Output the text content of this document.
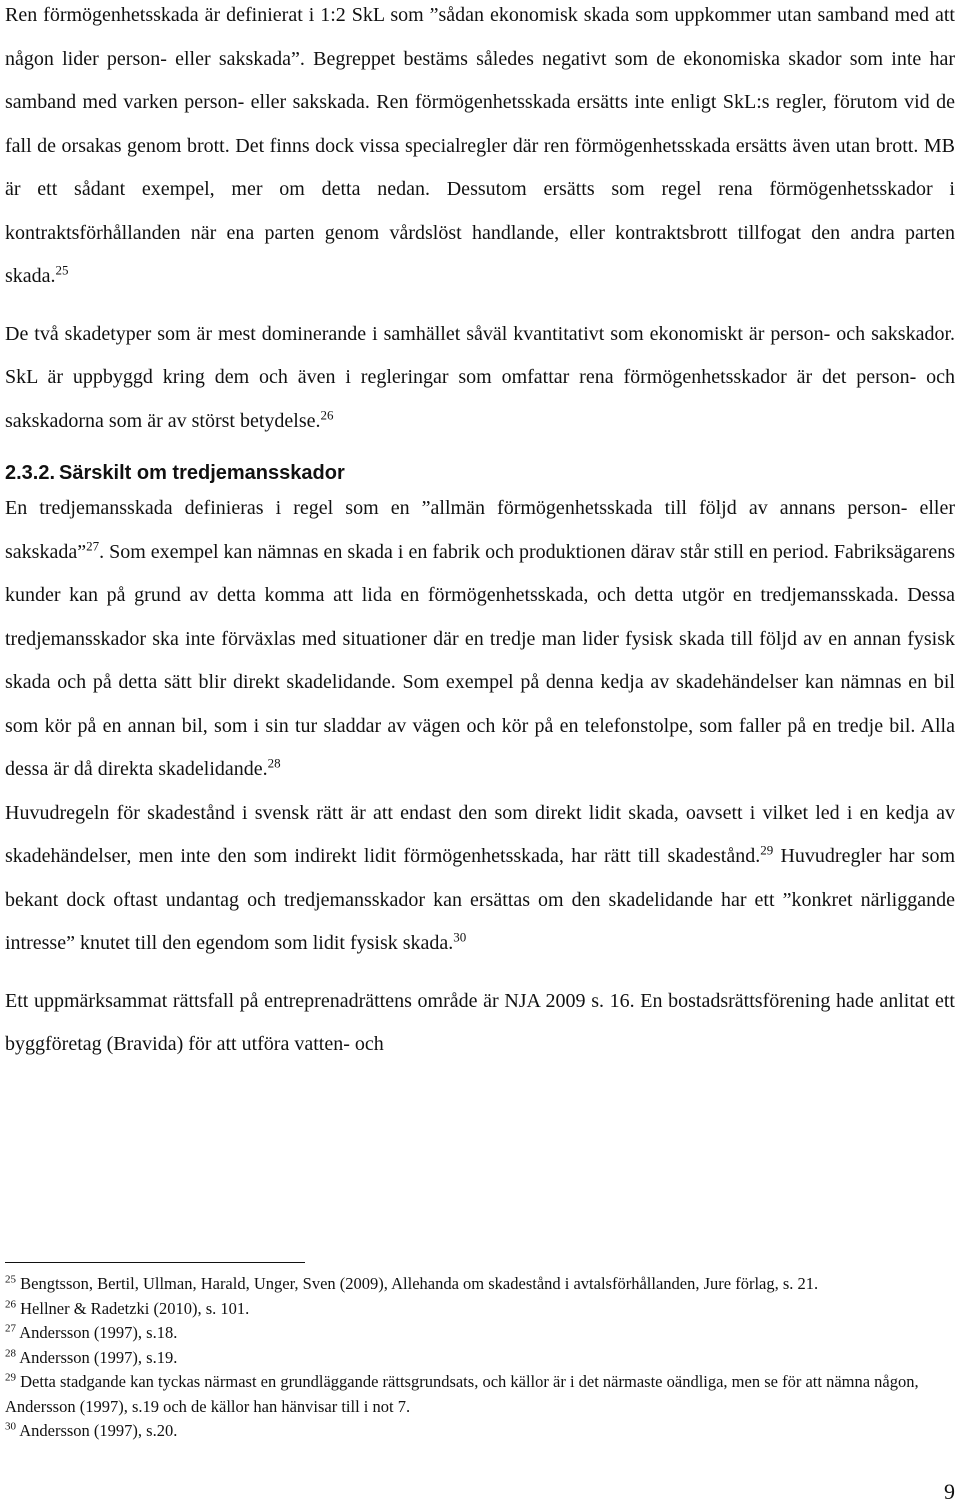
Ren förmögenhetsskada är definierat i 1:2 SkL som ”sådan ekonomisk skada som uppkommer utan samband med att någon lider person- eller sakskada”. Begreppet bestäms således negativt som de ekonomiska skador som inte har samband med varken person- eller sakskada. Ren förmögenhetsskada ersätts inte enligt SkL:s regler, förutom vid de fall de orsakas genom brott. Det finns dock vissa specialregler där ren förmögenhetsskada ersätts även utan brott. MB är ett sådant exempel, mer om detta nedan. Dessutom ersätts som regel rena förmögenhetsskador i kontraktsförhållanden när ena parten genom vårdslöst handlande, eller kontraktsbrott tillfogat den andra parten skada.$^{25}$

De två skadetyper som är mest dominerande i samhället såväl kvantitativt som ekonomiskt är person- och sakskador. SkL är uppbyggd kring dem och även i regleringar som omfattar rena förmögenhetsskador är det person- och sakskadorna som är av störst betydelse.$^{26}$

2.3.2. Särskilt om tredjemansskador

En tredjemansskada definieras i regel som en ”allmän förmögenhetsskada till följd av annans person- eller sakskada”$^{27}$. Som exempel kan nämnas en skada i en fabrik och produktionen därav står still en period. Fabriksägarens kunder kan på grund av detta komma att lida en förmögenhetsskada, och detta utgör en tredjemansskada. Dessa tredjemansskador ska inte förväxlas med situationer där en tredje man lider fysisk skada till följd av en annan fysisk skada och på detta sätt blir direkt skadelidande. Som exempel på denna kedja av skadehändelser kan nämnas en bil som kör på en annan bil, som i sin tur sladdar av vägen och kör på en telefonstolpe, som faller på en tredje bil. Alla dessa är då direkta skadelidande.$^{28}$

Huvudregeln för skadestånd i svensk rätt är att endast den som direkt lidit skada, oavsett i vilket led i en kedja av skadehändelser, men inte den som indirekt lidit förmögenhetsskada, har rätt till skadestånd.$^{29}$ Huvudregler har som bekant dock oftast undantag och tredjemansskador kan ersättas om den skadelidande har ett ”konkret närliggande intresse” knutet till den egendom som lidit fysisk skada.$^{30}$

Ett uppmärksammat rättsfall på entreprenadrättens område är NJA 2009 s. 16. En bostadsrättsförening hade anlitat ett byggföretag (Bravida) för att utföra vatten- och

$^{25}$ Bengtsson, Bertil, Ullman, Harald, Unger, Sven (2009), Allehanda om skadestånd i avtalsförhållanden, Jure förlag, s. 21.

$^{26}$ Hellner & Radetzki (2010), s. 101.

$^{27}$ Andersson (1997), s.18.

$^{28}$ Andersson (1997), s.19.

$^{29}$ Detta stadgande kan tyckas närmast en grundläggande rättsgrundsats, och källor är i det närmaste oändliga, men se för att nämna någon, Andersson (1997), s.19 och de källor han hänvisar till i not 7.

$^{30}$ Andersson (1997), s.20.

9
